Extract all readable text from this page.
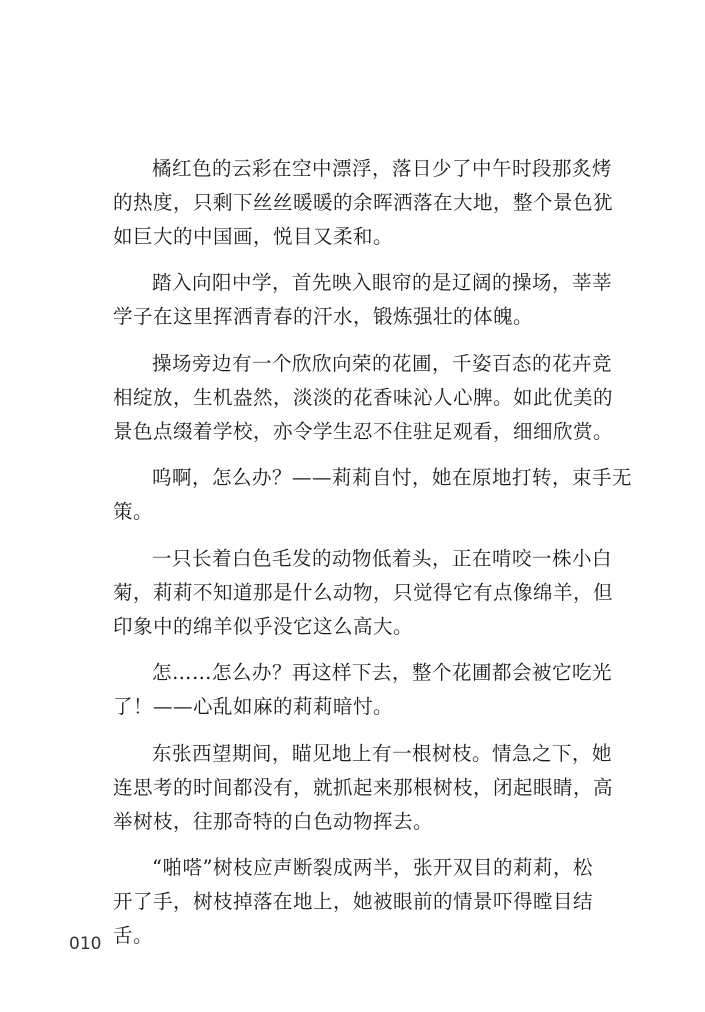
橘红色的云彩在空中漂浮，落日少了中午时段那炙烤
的热度，只剩下丝丝暖暖的余晖洒落在大地，整个景色犹
如巨大的中国画，悦目又柔和。

踏入向阳中学，首先映入眼帘的是辽阔的操场，莘莘
学子在这里挥洒青春的汗水，锻炼强壮的体魄。

操场旁边有一个欣欣向荣的花圃，千姿百态的花卉竞
相绽放，生机盎然，淡淡的花香味沁人心脾。如此优美的
景色点缀着学校，亦令学生忍不住驻足观看，细细欣赏。

呜啊，怎么办？——莉莉自忖，她在原地打转，束手无
策。

一只长着白色毛发的动物低着头，正在啃咬一株小白
菊，莉莉不知道那是什么动物，只觉得它有点像绵羊，但
印象中的绵羊似乎没它这么高大。

怎……怎么办？再这样下去，整个花圃都会被它吃光
了！——心乱如麻的莉莉暗忖。

东张西望期间，瞄见地上有一根树枝。情急之下，她
连思考的时间都没有，就抓起来那根树枝，闭起眼睛，高
举树枝，往那奇特的白色动物挥去。

“啪嗒”树枝应声断裂成两半，张开双目的莉莉，松
开了手，树枝掉落在地上，她被眼前的情景吓得瞠目结
舌。

010
